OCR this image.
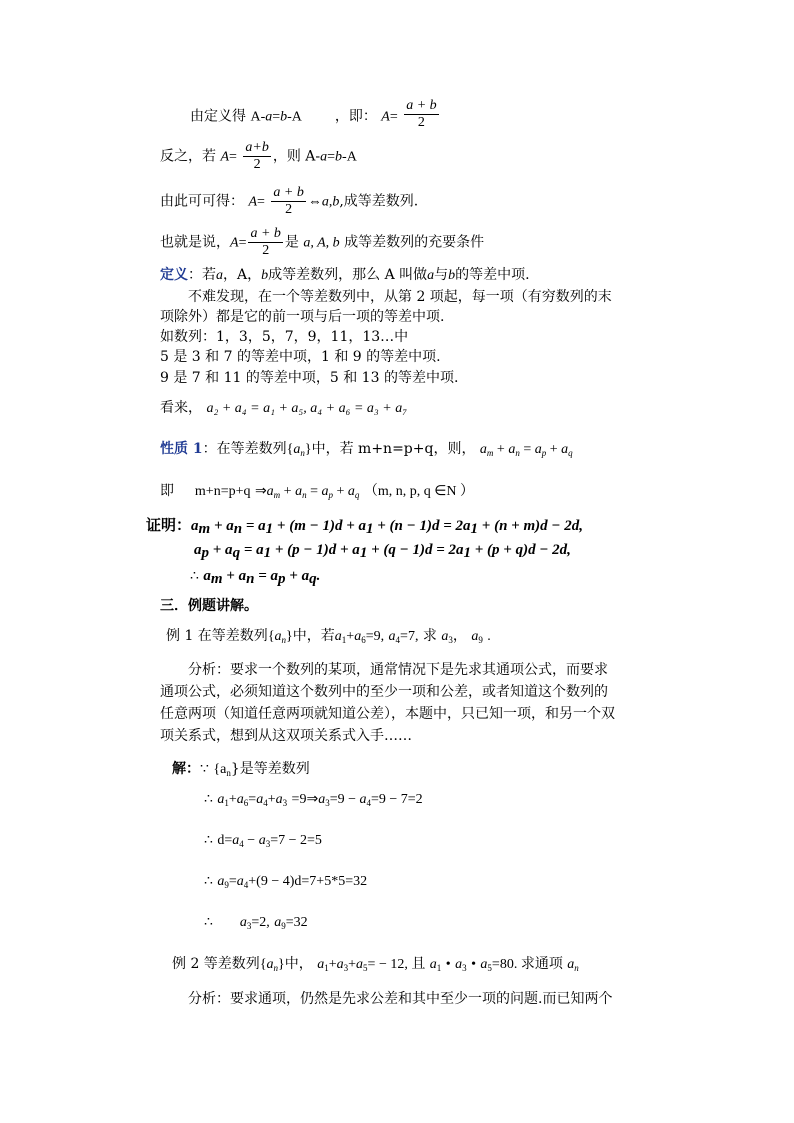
由定义得 A-a=b-A ，即： $A= \frac{a + b}{2}$
反之，若 $A= \frac{a+b}{2}$ ，则 A-a=b-A
由此可可得： $A= \frac{a + b}{2}$ ⇔a,b,成等差数列.
也就是说，$A= \frac{a + b}{2}$ 是 a, A, b 成等差数列的充要条件
定义：若a，A，b成等差数列，那么 A 叫做a与b的等差中项.
不难发现，在一个等差数列中，从第 2 项起，每一项（有穷数列的末
项除外）都是它的前一项与后一项的等差中项.
如数列：1，3，5，7，9，11，13…中
5 是 3 和 7 的等差中项，1 和 9 的等差中项.
9 是 7 和 11 的等差中项，5 和 13 的等差中项.
看来， a₂ + a₄ = a₁ + a₅, a₄ + a₆ = a₃ + a₇
性质 1：在等差数列$\{a_n\}$中，若 m+n=p+q，则， $a_m + a_n = a_p + a_q$
即 m+n=p+q $\Rightarrow a_m + a_n = a_p + a_q$ （m, n, p, q ∈N ）
证明：$a_m + a_n = a_1 + (m - 1)d + a_1 + (n - 1)d = 2a_1 + (n + m)d - 2d$,
$a_p + a_q = a_1 + (p - 1)d + a_1 + (q - 1)d = 2a_1 + (p + q)d - 2d$,
∴ $a_m + a_n = a_p + a_q$.
三．例题讲解。
例 1 在等差数列$\{a_n\}$中，若$a_1+a_6=9$, $a_4=7$, 求 $a_3$， $a_9$ .
分析：要求一个数列的某项，通常情况下是先求其通项公式，而要求
通项公式，必须知道这个数列中的至少一项和公差，或者知道这个数列的
任意两项（知道任意两项就知道公差），本题中，只已知一项，和另一个双
项关系式，想到从这双项关系式入手……
解：∵ $\{a_n\}$是等差数列
∴ $a_1+a_6=a_4+a_3$ $=9\Rightarrow a_3=9 - a_4=9 - 7=2$
∴ $d=a_4 - a_3=7 - 2=5$
∴ $a_9=a_4+(9 - 4)d=7+5*5=32$
∴ $a_3=2$, $a_9=32$
例 2 等差数列$\{a_n\}$中， $a_1+a_3+a_5= - 12$, 且 $a_1$ • $a_3$ • $a_5=80$. 求通项 $a_n$
分析：要求通项，仍然是先求公差和其中至少一项的问题.而已知两个
